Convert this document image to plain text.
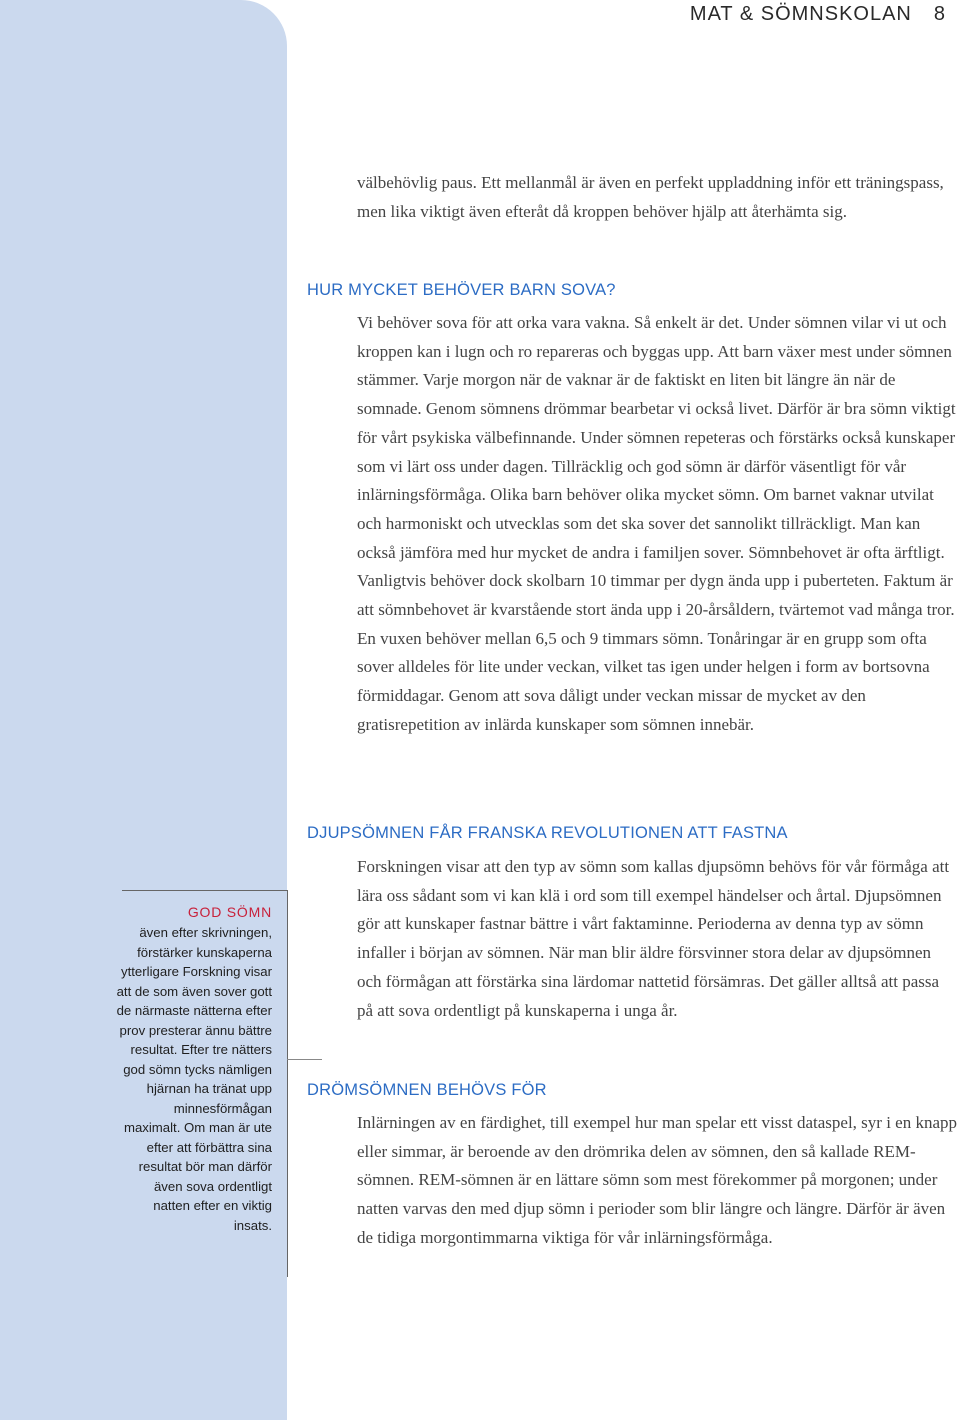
MAT & SÖMNSKOLAN 8

välbehövlig paus. Ett mellanmål är även en perfekt uppladdning inför ett träningspass, men lika viktigt även efteråt då kroppen behöver hjälp att återhämta sig.

HUR MYCKET BEHÖVER BARN SOVA?

Vi behöver sova för att orka vara vakna. Så enkelt är det. Under sömnen vilar vi ut och kroppen kan i lugn och ro repareras och byggas upp. Att barn växer mest under sömnen stämmer. Varje morgon när de vaknar är de faktiskt en liten bit längre än när de somnade. Genom sömnens drömmar bearbetar vi också livet. Därför är bra sömn viktigt för vårt psykiska välbefinnande. Under sömnen repeteras och förstärks också kunskaper som vi lärt oss under dagen. Tillräcklig och god sömn är därför väsentligt för vår inlärningsförmåga. Olika barn behöver olika mycket sömn. Om barnet vaknar utvilat och harmoniskt och utvecklas som det ska sover det sannolikt tillräckligt. Man kan också jämföra med hur mycket de andra i familjen sover. Sömnbehovet är ofta ärftligt. Vanligtvis behöver dock skolbarn 10 timmar per dygn ända upp i puberteten. Faktum är att sömnbehovet är kvarstående stort ända upp i 20-årsåldern, tvärtemot vad många tror. En vuxen behöver mellan 6,5 och 9 timmars sömn. Tonåringar är en grupp som ofta sover alldeles för lite under veckan, vilket tas igen under helgen i form av bortsovna förmiddagar. Genom att sova dåligt under veckan missar de mycket av den gratisrepetition av inlärda kunskaper som sömnen innebär.

DJUPSÖMNEN FÅR FRANSKA REVOLUTIONEN ATT FASTNA

Forskningen visar att den typ av sömn som kallas djupsömn behövs för vår förmåga att lära oss sådant som vi kan klä i ord som till exempel händelser och årtal. Djupsömnen gör att kunskaper fastnar bättre i vårt faktaminne. Perioderna av denna typ av sömn infaller i början av sömnen. När man blir äldre försvinner stora delar av djupsömnen och förmågan att förstärka sina lärdomar nattetid försämras. Det gäller alltså att passa på att sova ordentligt på kunskaperna i unga år.

DRÖMSÖMNEN BEHÖVS FÖR

Inlärningen av en färdighet, till exempel hur man spelar ett visst dataspel, syr i en knapp eller simmar, är beroende av den drömrika delen av sömnen, den så kallade REM-sömnen. REM-sömnen är en lättare sömn som mest förekommer på morgonen; under natten varvas den med djup sömn i perioder som blir längre och längre. Därför är även de tidiga morgontimmarna viktiga för vår inlärningsförmåga.

GOD SÖMN
även efter skrivningen, förstärker kunskaperna ytterligare Forskning visar att de som även sover gott de närmaste nätterna efter prov presterar ännu bättre resultat. Efter tre nätters god sömn tycks nämligen hjärnan ha tränat upp minnesförmågan maximalt. Om man är ute efter att förbättra sina resultat bör man därför även sova ordentligt natten efter en viktig insats.
